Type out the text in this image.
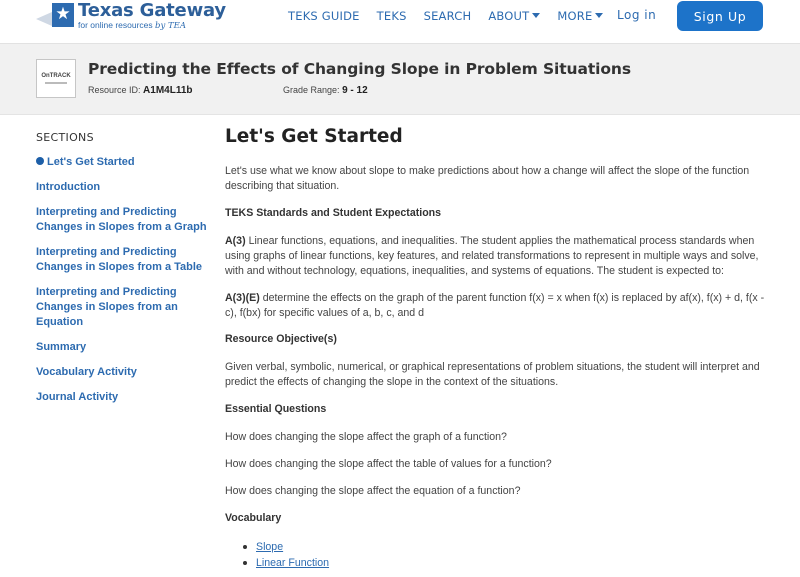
★ Texas Gateway
for online resources by TEA
TEKS GUIDE TEKS SEARCH ABOUT	MORE	Log in	Sign Up
OnTRACK Predicting the Effects of Changing Slope in Problem Situations
Resource ID: A1M4L11b	Grade Range: 9 - 12
SECTIONS
Let's Get Started
Introduction
Interpreting and Predicting Changes in Slopes from a Graph
Interpreting and Predicting Changes in Slopes from a Table
Interpreting and Predicting Changes in Slopes from an Equation
Summary
Vocabulary Activity
Journal Activity
Let's Get Started
Let's use what we know about slope to make predictions about how a change will affect the slope of the function describing that situation.
TEKS Standards and Student Expectations
A(3) Linear functions, equations, and inequalities. The student applies the mathematical process standards when using graphs of linear functions, key features, and related transformations to represent in multiple ways and solve, with and without technology, equations, inequalities, and systems of equations. The student is expected to:
A(3)(E) determine the effects on the graph of the parent function f(x) = x when f(x) is replaced by af(x), f(x) + d, f(x - c), f(bx) for specific values of a, b, c, and d
Resource Objective(s)
Given verbal, symbolic, numerical, or graphical representations of problem situations, the student will interpret and predict the effects of changing the slope in the context of the situations.
Essential Questions
How does changing the slope affect the graph of a function?
How does changing the slope affect the table of values for a function?
How does changing the slope affect the equation of a function?
Vocabulary
Slope
Linear Function
